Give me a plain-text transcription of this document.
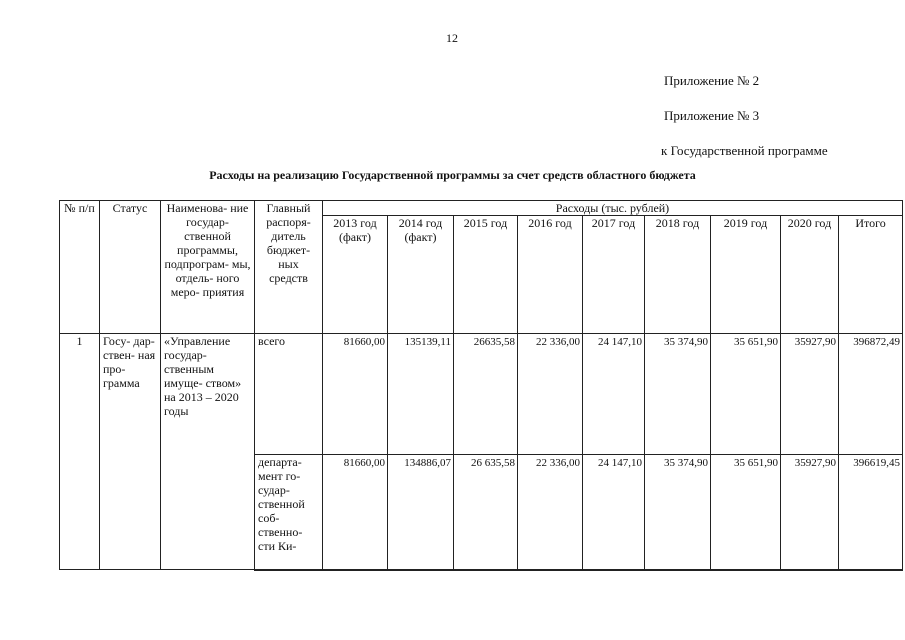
12
Приложение № 2
Приложение № 3
к Государственной программе
Расходы на реализацию Государственной программы за счет средств областного бюджета
№ п/п	Статус	Наименова- ние государ- ственной программы, подпрограм- мы, отдель- ного меро- приятия	Главный распоря- дитель бюджет- ных средств	Расходы (тыс. рублей)								
				2013 год (факт)	2014 год (факт)	2015 год	2016 год	2017 год	2018 год	2019 год	2020 год	Итого
1	Госу- дар- ствен- ная про- грамма	«Управление государ- ственным имуще- ством» на 2013 – 2020 годы	всего	81660,00	135139,11	26635,58	22 336,00	24 147,10	35 374,90	35 651,90	35927,90	396872,49
			департа- мент го- судар- ственной соб- ственно- сти Ки-	81660,00	134886,07	26 635,58	22 336,00	24 147,10	35 374,90	35 651,90	35927,90	396619,45
